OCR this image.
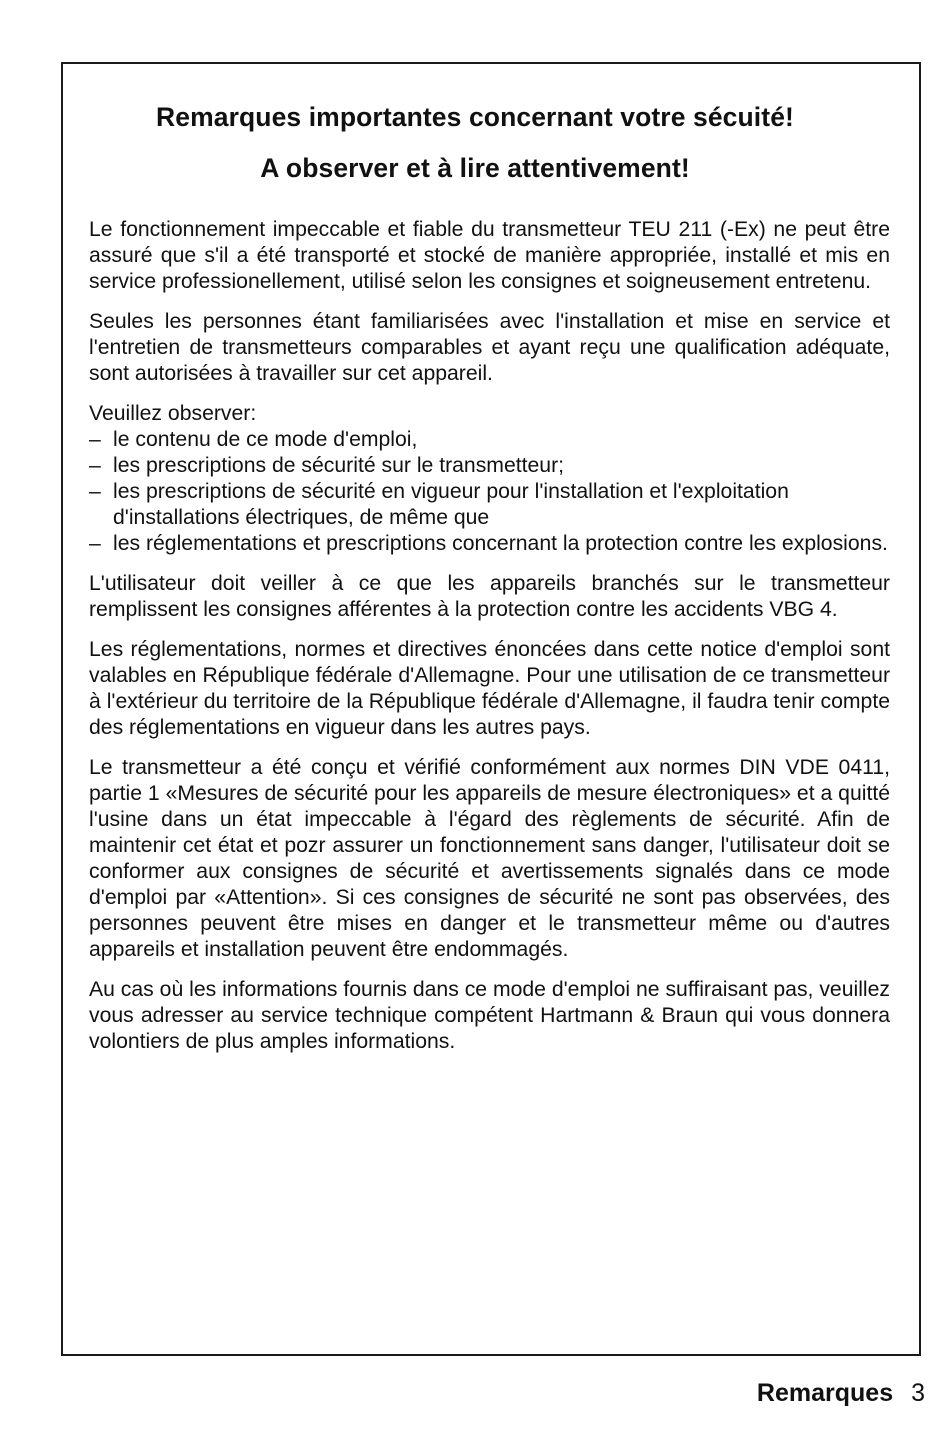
Remarques importantes concernant votre sécuité!
A observer et à lire attentivement!

Le fonctionnement impeccable et fiable du transmetteur TEU 211 (-Ex) ne peut être assuré que s'il a été transporté et stocké de manière appropriée, installé et mis en service professionellement, utilisé selon les consignes et soigneusement entretenu.

Seules les personnes étant familiarisées avec l'installation et mise en service et l'entretien de transmetteurs comparables et ayant reçu une qualification adéquate, sont autorisées à travailler sur cet appareil.

Veuillez observer:
– le contenu de ce mode d'emploi,
– les prescriptions de sécurité sur le transmetteur;
– les prescriptions de sécurité en vigueur pour l'installation et l'exploitation d'installations électriques, de même que
– les réglementations et prescriptions concernant la protection contre les explosions.

L'utilisateur doit veiller à ce que les appareils branchés sur le transmetteur remplissent les consignes afférentes à la protection contre les accidents VBG 4.

Les réglementations, normes et directives énoncées dans cette notice d'emploi sont valables en République fédérale d'Allemagne. Pour une utilisation de ce transmetteur à l'extérieur du territoire de la République fédérale d'Allemagne, il faudra tenir compte des réglementations en vigueur dans les autres pays.

Le transmetteur a été conçu et vérifié conformément aux normes DIN VDE 0411, partie 1 «Mesures de sécurité pour les appareils de mesure électroniques» et a quitté l'usine dans un état impeccable à l'égard des règlements de sécurité. Afin de maintenir cet état et pozr assurer un fonctionnement sans danger, l'utilisateur doit se conformer aux consignes de sécurité et avertissements signalés dans ce mode d'emploi par «Attention». Si ces consignes de sécurité ne sont pas observées, des personnes peuvent être mises en danger et le transmetteur même ou d'autres appareils et installation peuvent être endommagés.

Au cas où les informations fournis dans ce mode d'emploi ne suffiraisant pas, veuillez vous adresser au service technique compétent Hartmann & Braun qui vous donnera volontiers de plus amples informations.

Remarques 3
